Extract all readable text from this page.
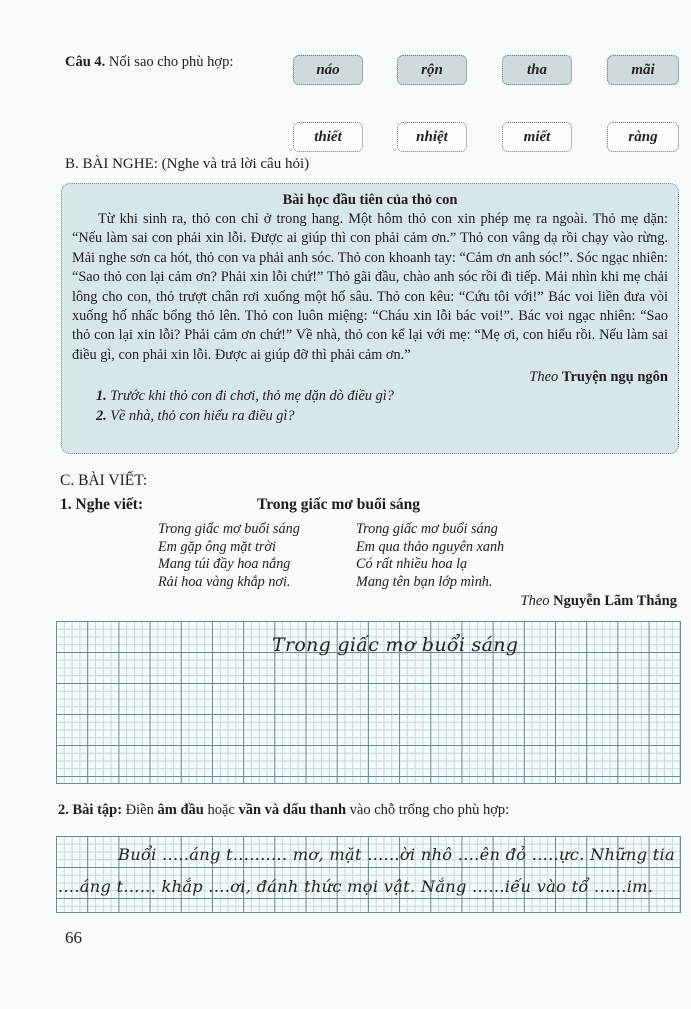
Câu 4. Nối sao cho phù hợp:	náo	rộn	tha	mãi
thiết	nhiệt	miết	ràng
B. BÀI NGHE: (Nghe và trả lời câu hỏi)
Bài học đầu tiên của thỏ con

Từ khi sinh ra, thỏ con chỉ ở trong hang. Một hôm thỏ con xin phép mẹ ra ngoài. Thỏ mẹ dặn: “Nếu làm sai con phải xin lỗi. Được ai giúp thì con phải cảm ơn.” Thỏ con vâng dạ rồi chạy vào rừng. Mải nghe sơn ca hót, thỏ con va phải anh sóc. Thỏ con khoanh tay: “Cảm ơn anh sóc!”. Sóc ngạc nhiên: “Sao thỏ con lại cảm ơn? Phải xin lỗi chứ!” Thỏ gãi đầu, chào anh sóc rồi đi tiếp. Mải nhìn khi mẹ chải lông cho con, thỏ trượt chân rơi xuống một hố sâu. Thỏ con kêu: “Cứu tôi với!” Bác voi liền đưa vòi xuống hố nhấc bổng thỏ lên. Thỏ con luôn miệng: “Cháu xin lỗi bác voi!”. Bác voi ngạc nhiên: “Sao thỏ con lại xin lỗi? Phải cảm ơn chứ!” Về nhà, thỏ con kể lại với mẹ: “Mẹ ơi, con hiểu rồi. Nếu làm sai điều gì, con phải xin lỗi. Được ai giúp đỡ thì phải cảm ơn.”

Theo Truyện ngụ ngôn
1. Trước khi thỏ con đi chơi, thỏ mẹ dặn dò điều gì?
2. Về nhà, thỏ con hiểu ra điều gì?
C. BÀI VIẾT:
1. Nghe viết:	Trong giấc mơ buổi sáng
Trong giấc mơ buổi sáng
Em gặp ông mặt trời
Mang túi đầy hoa nắng
Rải hoa vàng khắp nơi.
Trong giấc mơ buổi sáng
Em qua thảo nguyên xanh
Có rất nhiều hoa lạ
Mang tên bạn lớp mình.
Theo Nguyễn Lãm Thắng
Trong giấc mơ buổi sáng
2. Bài tập: Điền âm đầu hoặc vần và dấu thanh vào chỗ trống cho phù hợp:
Buổi .....áng t.......... mơ, mặt ......ời nhô ....ên đỏ .....ực. Những tia
....áng t...... khắp ....ơi, đánh thức mọi vật. Nắng ......iếu vào tổ ......im.
66
